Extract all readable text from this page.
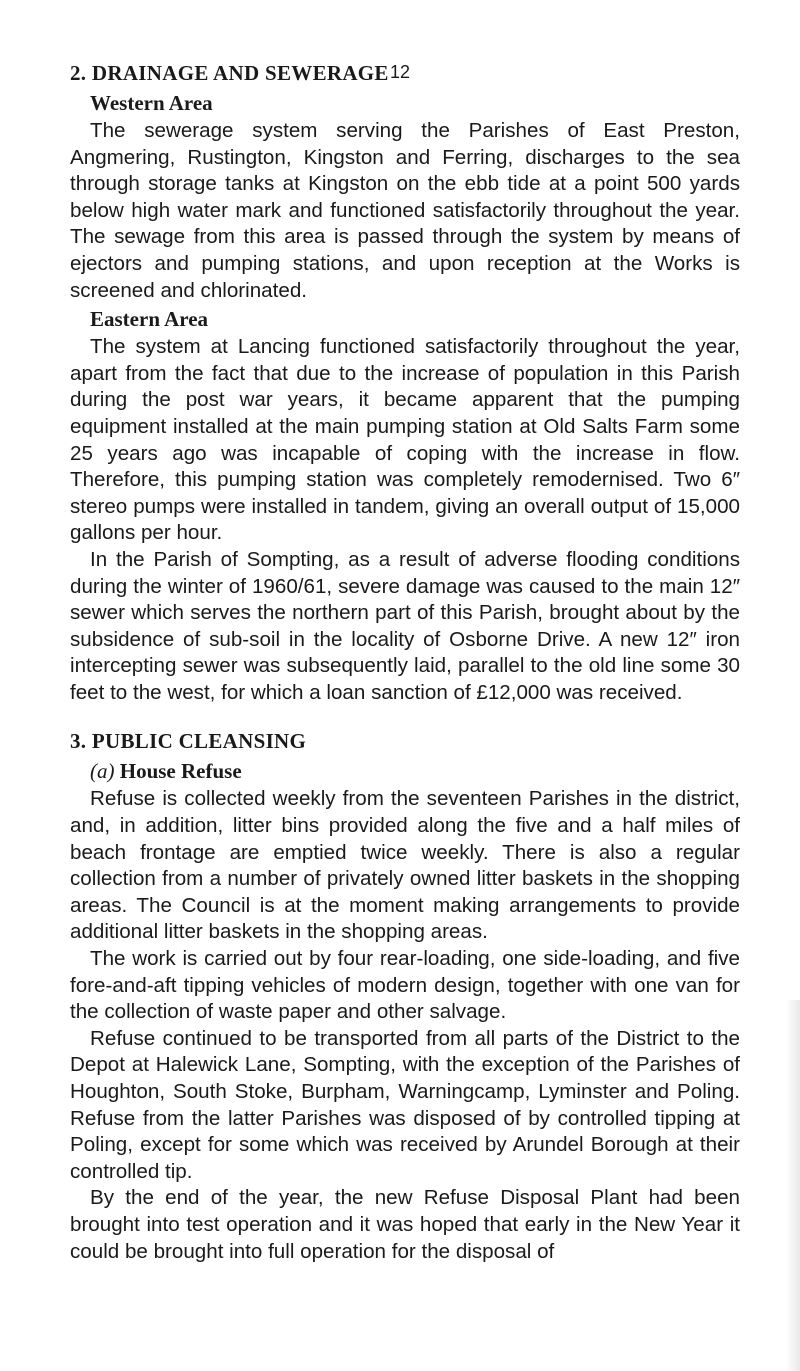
12
2. DRAINAGE AND SEWERAGE
Western Area

The sewerage system serving the Parishes of East Preston, Angmering, Rustington, Kingston and Ferring, discharges to the sea through storage tanks at Kingston on the ebb tide at a point 500 yards below high water mark and functioned satisfactorily throughout the year. The sewage from this area is passed through the system by means of ejectors and pumping stations, and upon reception at the Works is screened and chlorinated.

Eastern Area

The system at Lancing functioned satisfactorily throughout the year, apart from the fact that due to the increase of population in this Parish during the post war years, it became apparent that the pumping equipment installed at the main pumping station at Old Salts Farm some 25 years ago was incapable of coping with the increase in flow. Therefore, this pumping station was completely remodernised. Two 6″ stereo pumps were installed in tandem, giving an overall output of 15,000 gallons per hour.

In the Parish of Sompting, as a result of adverse flooding conditions during the winter of 1960/61, severe damage was caused to the main 12″ sewer which serves the northern part of this Parish, brought about by the subsidence of sub-soil in the locality of Osborne Drive. A new 12″ iron intercepting sewer was subsequently laid, parallel to the old line some 30 feet to the west, for which a loan sanction of £12,000 was received.

3. PUBLIC CLEANSING
(a) House Refuse

Refuse is collected weekly from the seventeen Parishes in the district, and, in addition, litter bins provided along the five and a half miles of beach frontage are emptied twice weekly. There is also a regular collection from a number of privately owned litter baskets in the shopping areas. The Council is at the moment making arrangements to provide additional litter baskets in the shopping areas.

The work is carried out by four rear-loading, one side-loading, and five fore-and-aft tipping vehicles of modern design, together with one van for the collection of waste paper and other salvage.

Refuse continued to be transported from all parts of the District to the Depot at Halewick Lane, Sompting, with the exception of the Parishes of Houghton, South Stoke, Burpham, Warningcamp, Lyminster and Poling. Refuse from the latter Parishes was disposed of by controlled tipping at Poling, except for some which was received by Arundel Borough at their controlled tip.

By the end of the year, the new Refuse Disposal Plant had been brought into test operation and it was hoped that early in the New Year it could be brought into full operation for the disposal of
